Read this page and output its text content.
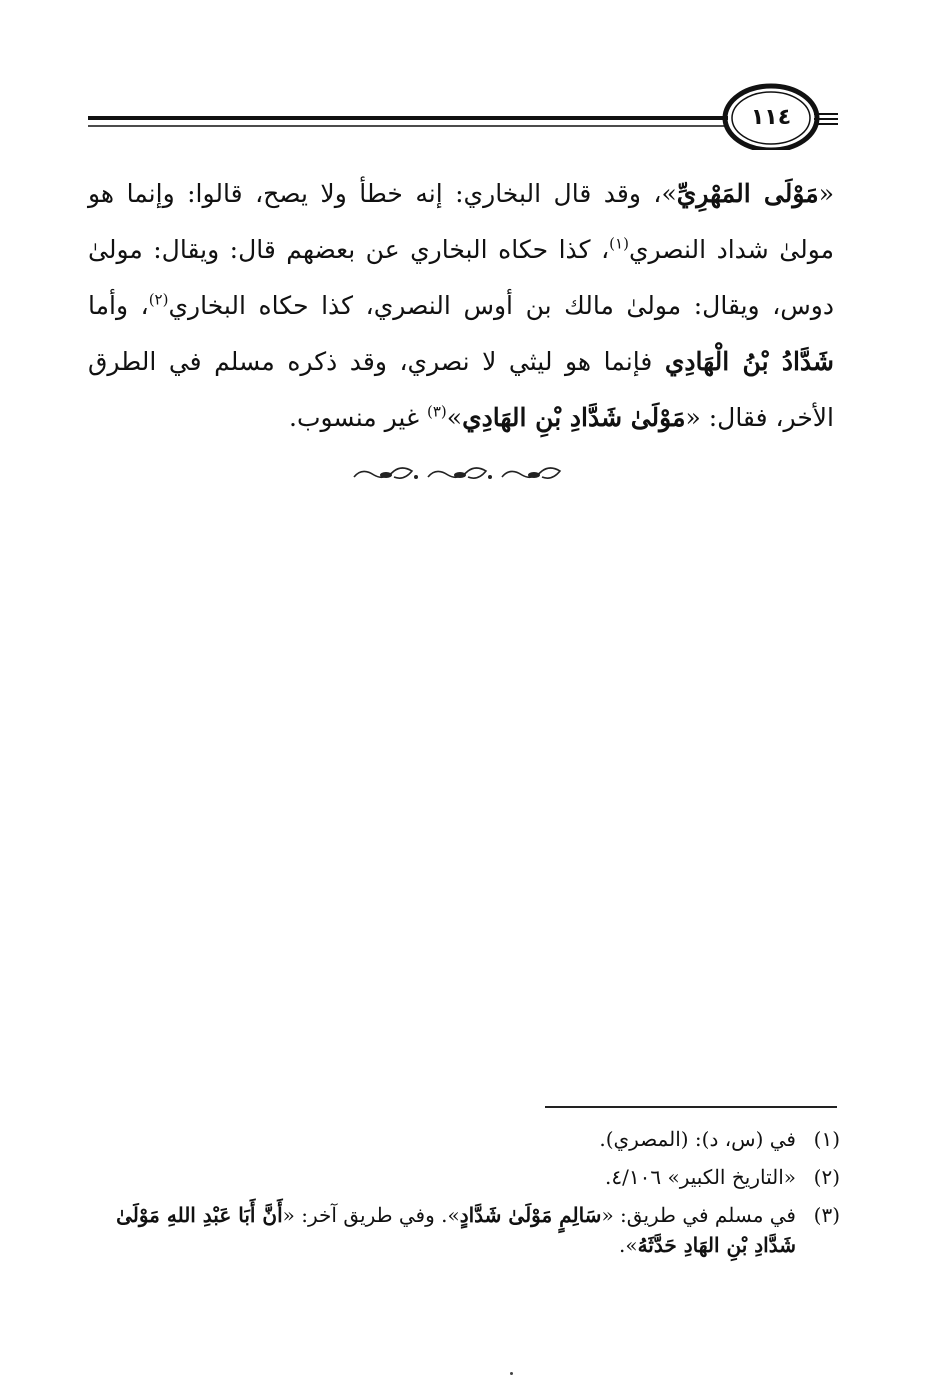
١١٤
«مَوْلَى المَهْرِيِّ»، وقد قال البخاري: إنه خطأ ولا يصح، قالوا: وإنما هو مولىٰ شداد النصري$^{(١)}$، كذا حكاه البخاري عن بعضهم قال: ويقال: مولىٰ دوس، ويقال: مولىٰ مالك بن أوس النصري، كذا حكاه البخاري$^{(٢)}$، وأما شَدَّادُ بْنُ الْهَادِي فإنما هو ليثي لا نصري، وقد ذكره مسلم في الطرق الأخر، فقال: «مَوْلَىٰ شَدَّادِ بْنِ الهَادِي»$^{(٣)}$ غير منسوب.
(١)
في (س، د): (المصري).
(٢)
«التاريخ الكبير» ٤/١٠٦.
(٣)
في مسلم في طريق: «سَالِمٍ مَوْلَىٰ شَدَّادٍ». وفي طريق آخر: «أَنَّ أَبَا عَبْدِ اللهِ مَوْلَىٰ شَدَّادِ بْنِ الهَادِ حَدَّثَهُ».
